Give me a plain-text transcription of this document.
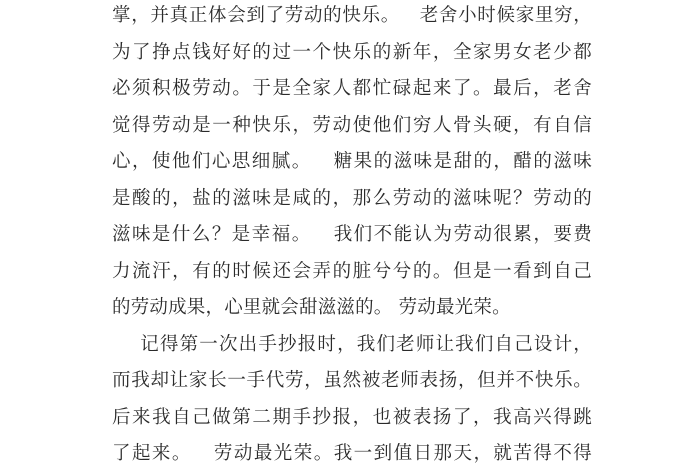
掌，并真正体会到了劳动的快乐。   老舍小时候家里穷，
为了挣点钱好好的过一个快乐的新年，全家男女老少都
必须积极劳动。于是全家人都忙碌起来了。最后，老舍
觉得劳动是一种快乐，劳动使他们穷人骨头硬，有自信
心，使他们心思细腻。   糖果的滋味是甜的，醋的滋味
是酸的，盐的滋味是咸的，那么劳动的滋味呢？劳动的
滋味是什么？是幸福。   我们不能认为劳动很累，要费
力流汗，有的时候还会弄的脏兮兮的。但是一看到自己
的劳动成果，心里就会甜滋滋的。 劳动最光荣。
记得第一次出手抄报时，我们老师让我们自己设计，
而我却让家长一手代劳，虽然被老师表扬，但并不快乐。
后来我自己做第二期手抄报，也被表扬了，我高兴得跳
了起来。   劳动最光荣。我一到值日那天，就苦得不得
